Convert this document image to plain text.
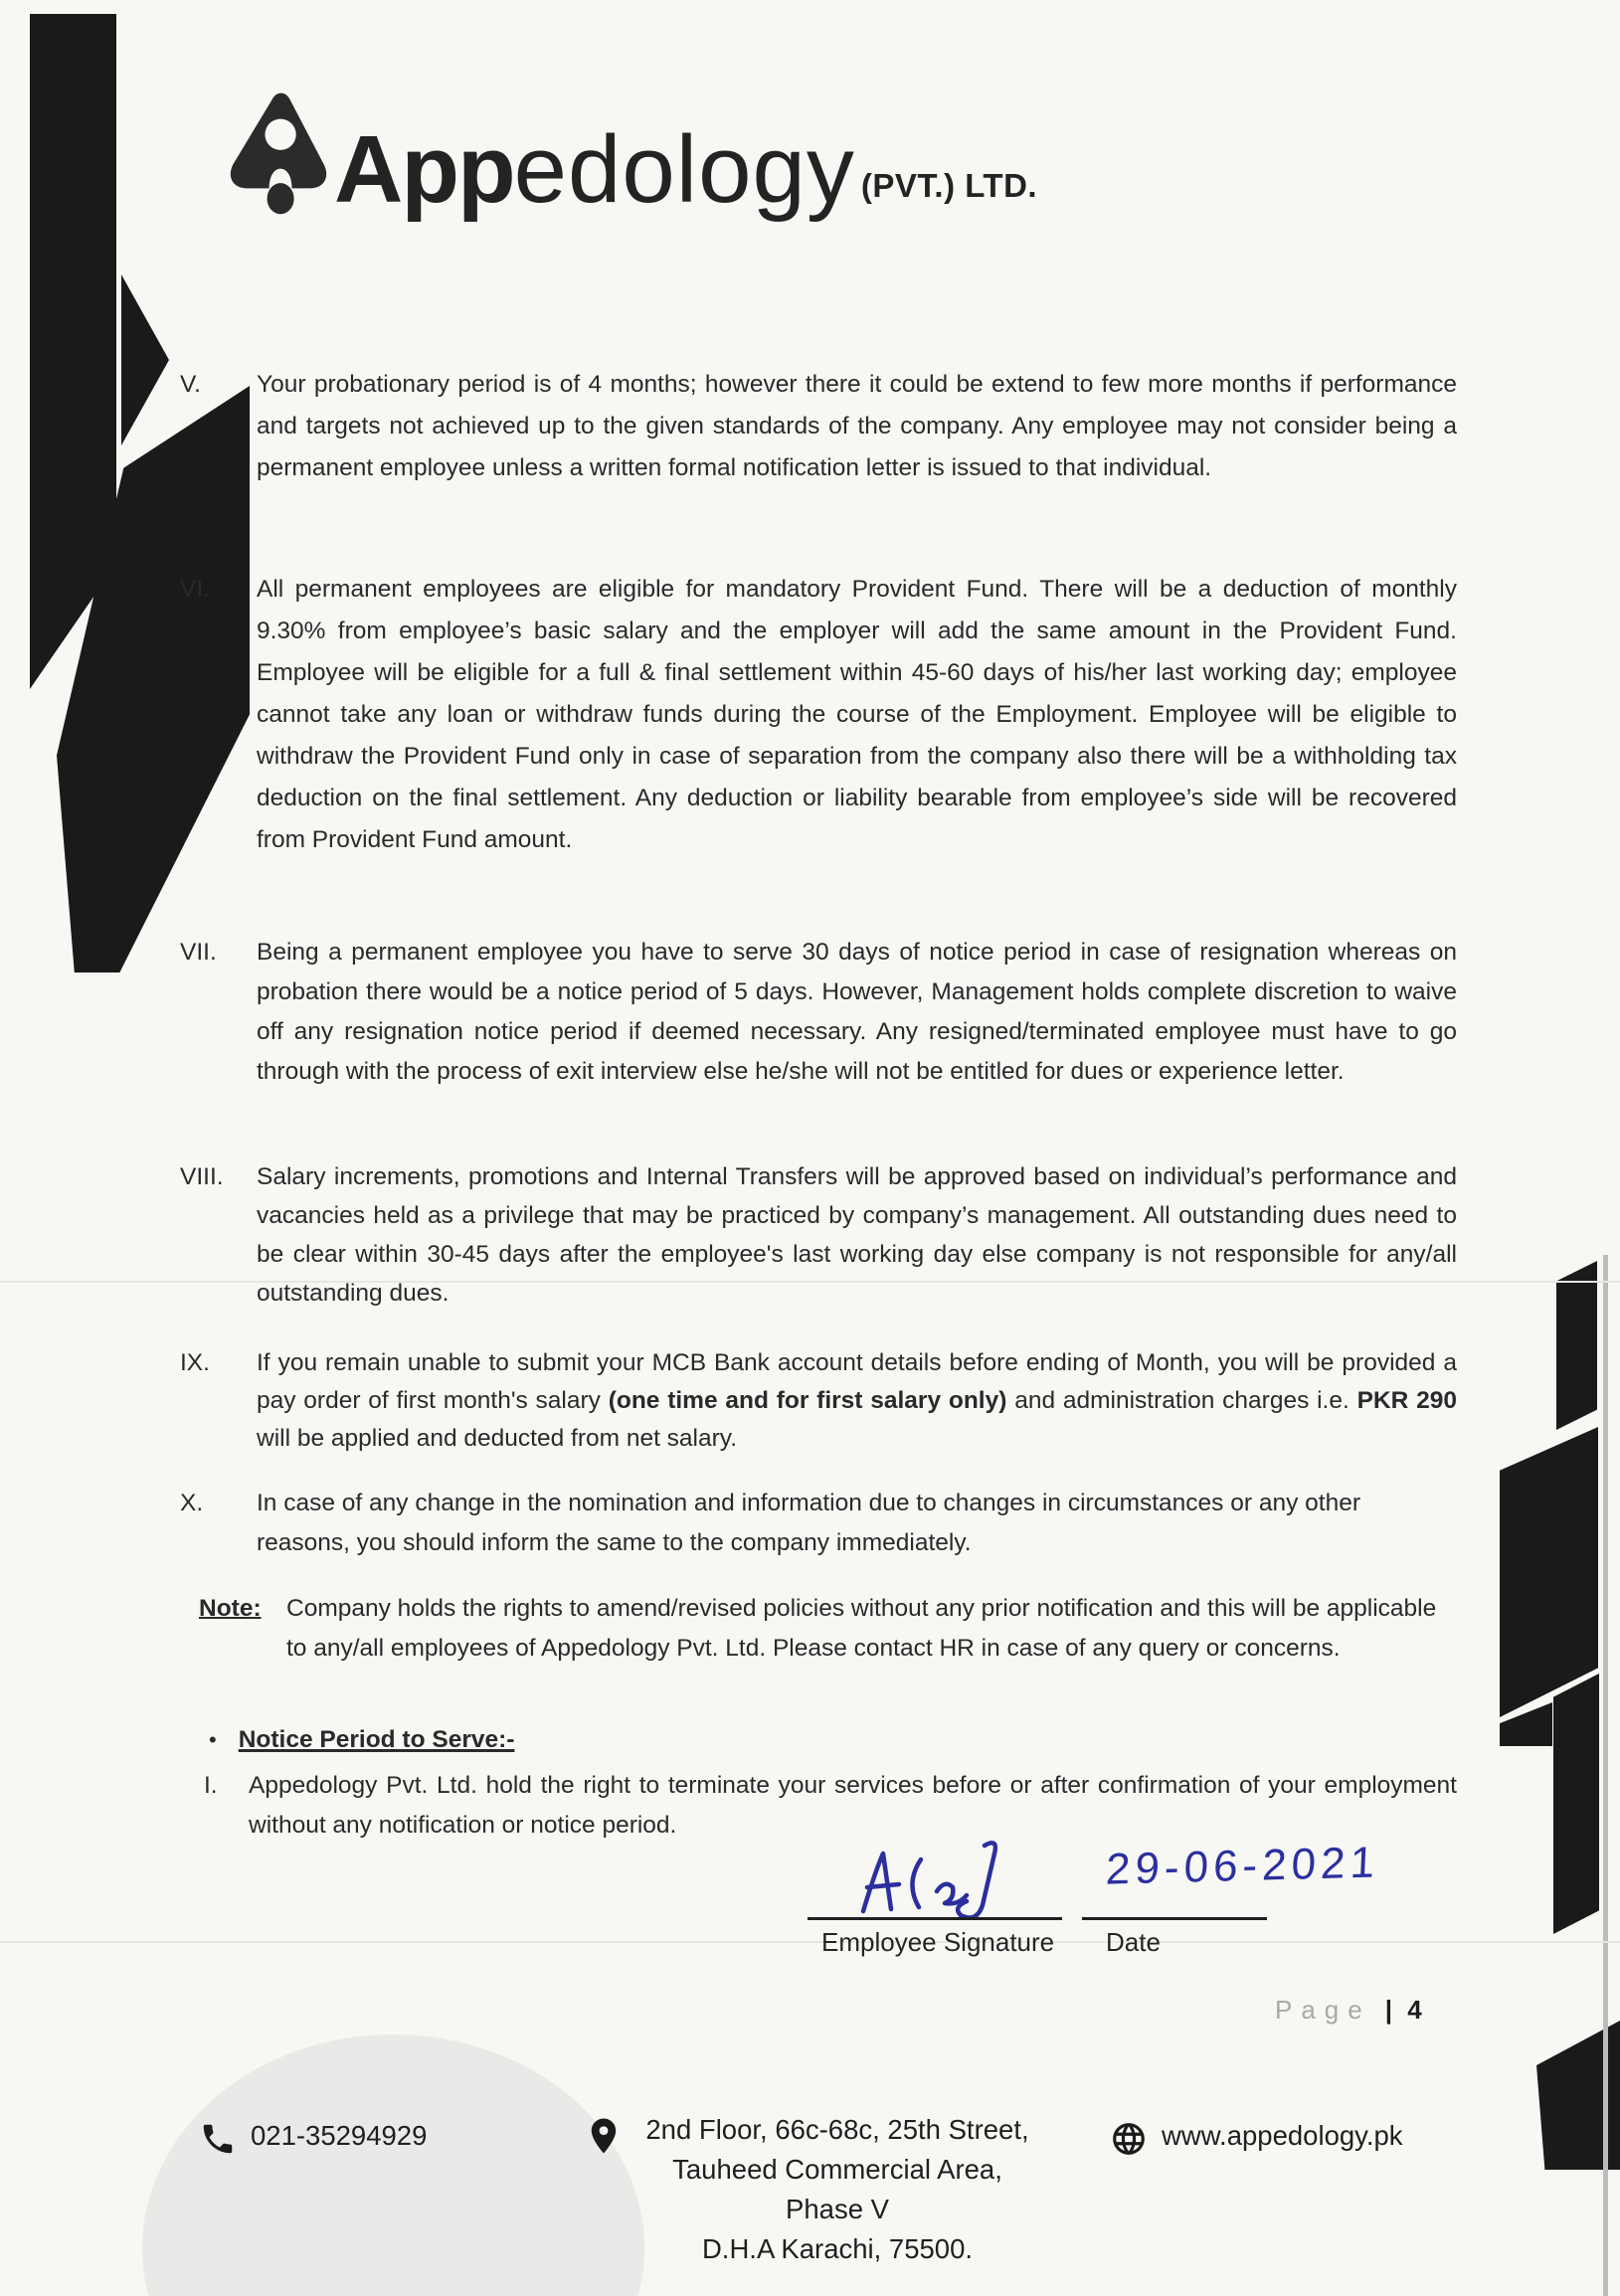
Appedology (PVT.) LTD.
V.	Your probationary period is of 4 months; however there it could be extend to few more months if performance and targets not achieved up to the given standards of the company. Any employee may not consider being a permanent employee unless a written formal notification letter is issued to that individual.
VI.	All permanent employees are eligible for mandatory Provident Fund. There will be a deduction of monthly 9.30% from employee’s basic salary and the employer will add the same amount in the Provident Fund. Employee will be eligible for a full & final settlement within 45-60 days of his/her last working day; employee cannot take any loan or withdraw funds during the course of the Employment. Employee will be eligible to withdraw the Provident Fund only in case of separation from the company also there will be a withholding tax deduction on the final settlement. Any deduction or liability bearable from employee’s side will be recovered from Provident Fund amount.
VII.	Being a permanent employee you have to serve 30 days of notice period in case of resignation whereas on probation there would be a notice period of 5 days. However, Management holds complete discretion to waive off any resignation notice period if deemed necessary. Any resigned/terminated employee must have to go through with the process of exit interview else he/she will not be entitled for dues or experience letter.
VIII.	Salary increments, promotions and Internal Transfers will be approved based on individual’s performance and vacancies held as a privilege that may be practiced by company’s management. All outstanding dues need to be clear within 30-45 days after the employee's last working day else company is not responsible for any/all outstanding dues.
IX.	If you remain unable to submit your MCB Bank account details before ending of Month, you will be provided a pay order of first month's salary (one time and for first salary only) and administration charges i.e. PKR 290 will be applied and deducted from net salary.
X.	In case of any change in the nomination and information due to changes in circumstances or any other reasons, you should inform the same to the company immediately.
Note:	Company holds the rights to amend/revised policies without any prior notification and this will be applicable to any/all employees of Appedology Pvt. Ltd. Please contact HR in case of any query or concerns.
• Notice Period to Serve:-
I.	Appedology Pvt. Ltd. hold the right to terminate your services before or after confirmation of your employment without any notification or notice period.
Employee Signature Date
29-06-2021
Page | 4
021-35294929	2nd Floor, 66c-68c, 25th Street,
Tauheed Commercial Area, Phase V
D.H.A Karachi, 75500.
www.appedology.pk
